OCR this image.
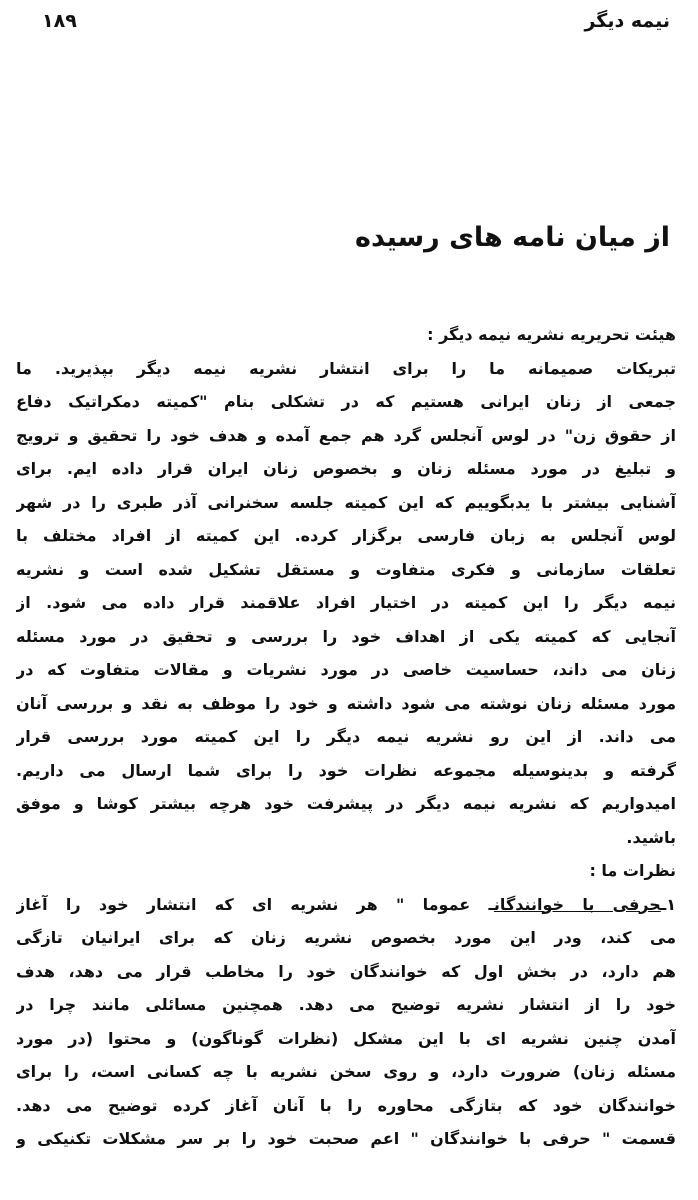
نیمه دیگر
۱۸۹
از میان نامه های رسیده
هیئت تحریریه نشریه نیمه دیگر :
تبریکات صمیمانه ما را برای انتشار نشریه نیمه دیگر بپذیرید. ما
جمعی از زنان ایرانی هستیم که در تشکلی بنام "کمیته دمکراتیک دفاع
از حقوق زن" در لوس آنجلس گرد هم جمع آمده و هدف خود را تحقیق و ترویج
و تبلیغ در مورد مسئله زنان و بخصوص زنان ایران قرار داده ایم. برای
آشنایی بیشتر با یدبگوییم که این کمیته جلسه سخنرانی آذر طبری را در شهر
لوس آنجلس به زبان فارسی برگزار کرده. این کمیته از افراد مختلف با
تعلقات سازمانی و فکری متفاوت و مستقل تشکیل شده است و نشریه
نیمه دیگر را این کمیته در اختیار افراد علاقمند قرار داده می شود. از
آنجایی که کمیته یکی از اهداف خود را بررسی و تحقیق در مورد مسئله
زنان می داند، حساسیت خاصی در مورد نشریات و مقالات متفاوت که در
مورد مسئله زنان نوشته می شود داشته و خود را موظف به نقد و بررسی آنان
می داند. از این رو نشریه نیمه دیگر را این کمیته مورد بررسی قرار
گرفته و بدینوسیله مجموعه نظرات خود را برای شما ارسال می داریم.
امیدواریم که نشریه نیمه دیگر در پیشرفت خود هرچه بیشتر کوشا و موفق
باشید.
نظرات ما :
۱ـحرفی با خوانندگانـ عموما " هر نشریه ای که انتشار خود را آغاز
می کند، ودر این مورد بخصوص نشریه زنان که برای ایرانیان تازگی
هم دارد، در بخش اول که خوانندگان خود را مخاطب قرار می دهد، هدف
خود را از انتشار نشریه توضیح می دهد. همچنین مسائلی مانند چرا در
آمدن چنین نشریه ای با این مشکل (نظرات گوناگون) و محتوا (در مورد
مسئله زنان) ضرورت دارد، و روی سخن نشریه با چه کسانی است، را برای
خوانندگان خود که بتازگی محاوره را با آنان آغاز کرده توضیح می دهد.
قسمت " حرفی با خوانندگان " اعم صحبت خود را بر سر مشکلات تکنیکی و
